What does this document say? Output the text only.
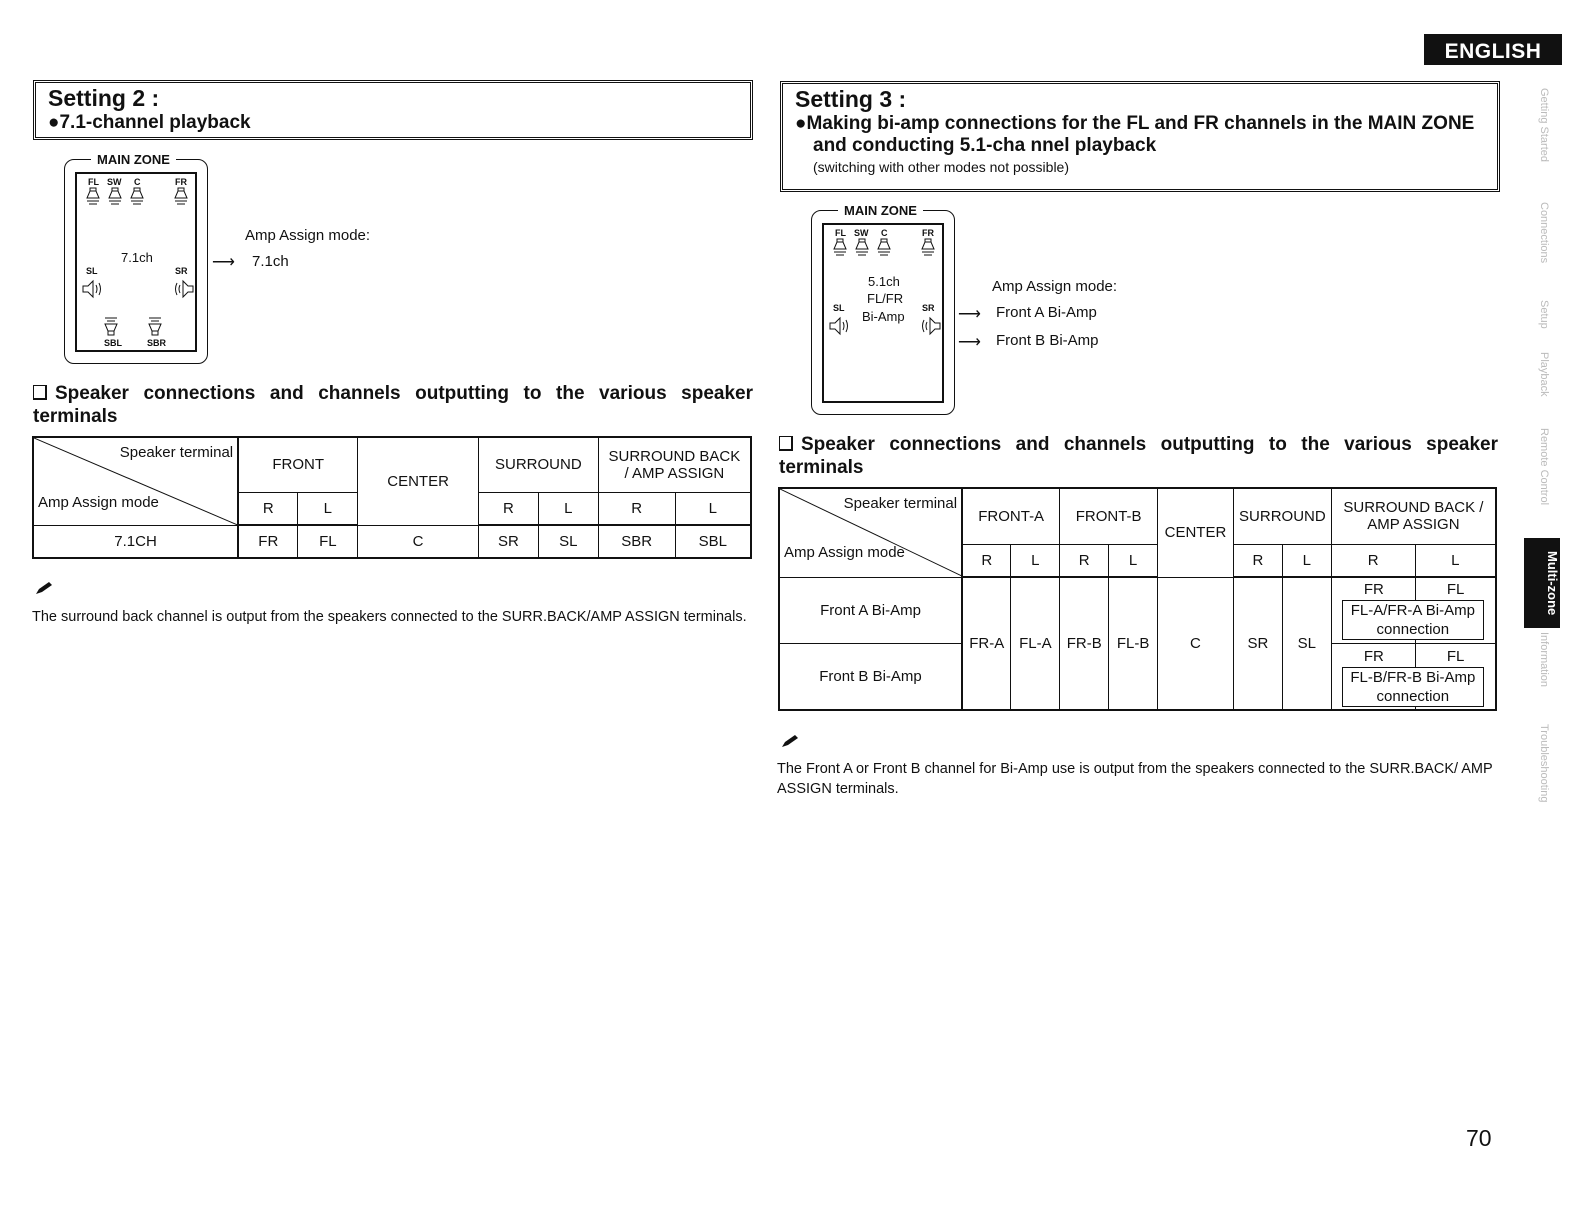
ENGLISH
Getting Started
Connections
Setup
Playback
Remote Control
Multi-zone
Information
Troubleshooting
Setting 2 :
●7.1-channel playback
MAIN ZONE
FL SW C	FR
7.1ch
SL	SR
SBL	SBR
Amp Assign mode:
⟶ 7.1ch
Speaker connections and channels outputting to the various speaker terminals
Speaker terminal
Amp Assign mode	FRONT		CENTER	SURROUND		SURROUND BACK / AMP ASSIGN	
	R	L		R	L	R	L
7.1CH	FR	FL	C	SR	SL	SBR	SBL
The surround back channel is output from the speakers connected to the SURR.BACK/AMP ASSIGN terminals.
Setting 3 :
●Making bi-amp connections for the FL and FR channels in the MAIN ZONE
and conducting 5.1-cha nnel playback
(switching with other modes not possible)
MAIN ZONE
FL SW C	FR
5.1ch
FL/FR
Bi-Amp
SL	SR
Amp Assign mode:
⟶ Front A Bi-Amp
⟶ Front B Bi-Amp
Speaker connections and channels outputting to the various speaker terminals
Speaker terminal
Amp Assign mode	FRONT-A		FRONT-B		CENTER	SURROUND		SURROUND BACK / AMP ASSIGN	
	R	L	R	L		R	L	R	L
Front A Bi-Amp	FR-A	FL-A	FR-B	FL-B	C	SR	SL	FR FL
FL-A/FR-A Bi-Amp connection	

Front B Bi-Amp								FR FL
FL-B/FR-B Bi-Amp connection	
The Front A or Front B channel for Bi-Amp use is output from the speakers connected to the SURR.BACK/ AMP ASSIGN terminals.
70
